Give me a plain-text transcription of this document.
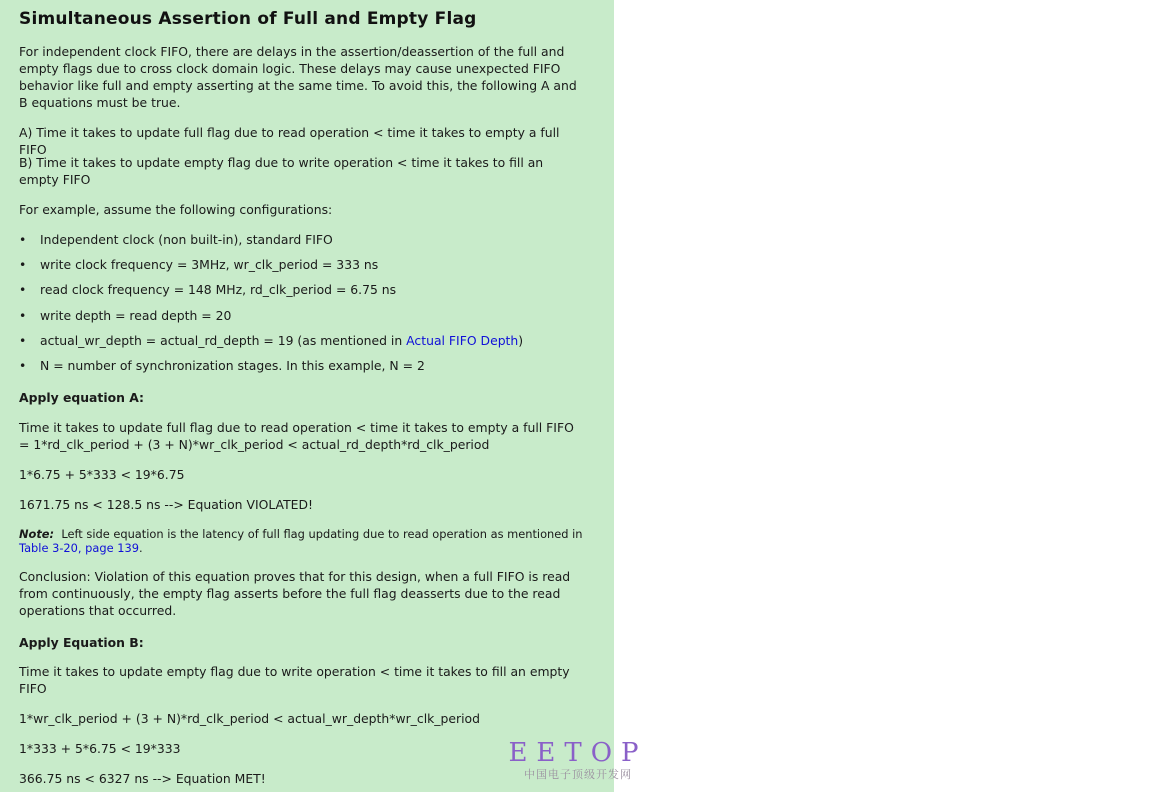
Simultaneous Assertion of Full and Empty Flag

For independent clock FIFO, there are delays in the assertion/deassertion of the full and empty flags due to cross clock domain logic. These delays may cause unexpected FIFO behavior like full and empty asserting at the same time. To avoid this, the following A and B equations must be true.

A) Time it takes to update full flag due to read operation < time it takes to empty a full FIFO

B) Time it takes to update empty flag due to write operation < time it takes to fill an empty FIFO

For example, assume the following configurations:

• Independent clock (non built-in), standard FIFO
• write clock frequency = 3MHz, wr_clk_period = 333 ns
• read clock frequency = 148 MHz, rd_clk_period = 6.75 ns
• write depth = read depth = 20
• actual_wr_depth = actual_rd_depth = 19 (as mentioned in Actual FIFO Depth)
• N = number of synchronization stages. In this example, N = 2

Apply equation A:

Time it takes to update full flag due to read operation < time it takes to empty a full FIFO = 1*rd_clk_period + (3 + N)*wr_clk_period < actual_rd_depth*rd_clk_period

1*6.75 + 5*333 < 19*6.75

1671.75 ns < 128.5 ns --> Equation VIOLATED!

Note: Left side equation is the latency of full flag updating due to read operation as mentioned in Table 3-20, page 139.

Conclusion: Violation of this equation proves that for this design, when a full FIFO is read from continuously, the empty flag asserts before the full flag deasserts due to the read operations that occurred.

Apply Equation B:

Time it takes to update empty flag due to write operation < time it takes to fill an empty FIFO

1*wr_clk_period + (3 + N)*rd_clk_period < actual_wr_depth*wr_clk_period

1*333 + 5*6.75 < 19*333

366.75 ns < 6327 ns --> Equation MET!

EETOP
中国电子顶级开发网
